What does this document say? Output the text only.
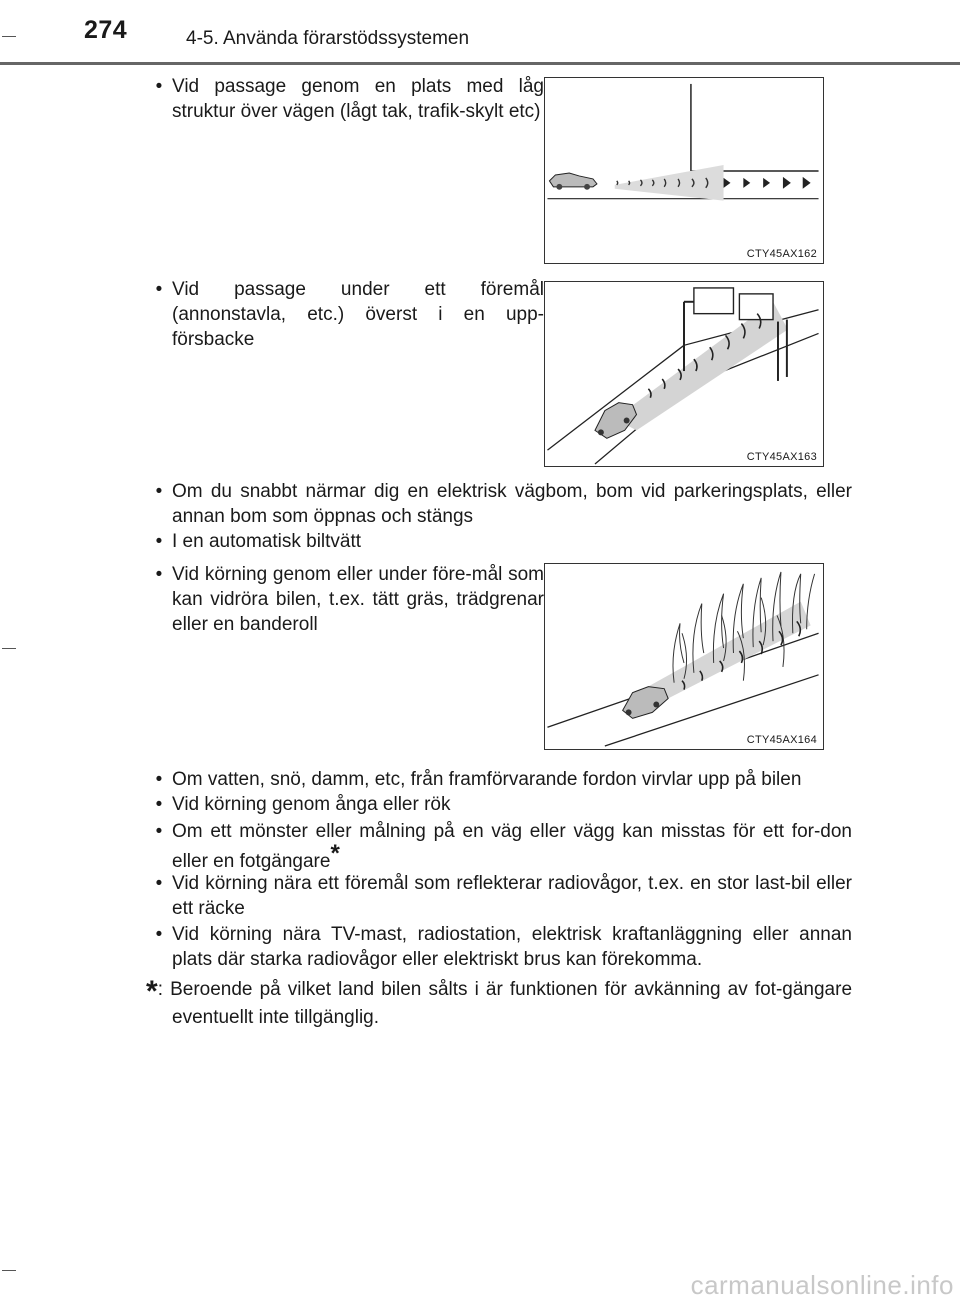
274	4-5. Använda förarstödssystemen
• Vid passage genom en plats med låg struktur över vägen (lågt tak, trafik-skylt etc)
CTY45AX162
• Vid passage under ett föremål (annonstavla, etc.) överst i en upp-försbacke
CTY45AX163
• Om du snabbt närmar dig en elektrisk vägbom, bom vid parkeringsplats, eller annan bom som öppnas och stängs
• I en automatisk biltvätt
• Vid körning genom eller under före-mål som kan vidröra bilen, t.ex. tätt gräs, trädgrenar eller en banderoll
CTY45AX164
• Om vatten, snö, damm, etc, från framförvarande fordon virvlar upp på bilen
• Vid körning genom ånga eller rök
• Om ett mönster eller målning på en väg eller vägg kan misstas för ett for-don eller en fotgängare*
• Vid körning nära ett föremål som reflekterar radiovågor, t.ex. en stor last-bil eller ett räcke
• Vid körning nära TV-mast, radiostation, elektrisk kraftanläggning eller annan plats där starka radiovågor eller elektriskt brus kan förekomma.
*: Beroende på vilket land bilen sålts i är funktionen för avkänning av fot-gängare eventuellt inte tillgänglig.
carmanualsonline.info
